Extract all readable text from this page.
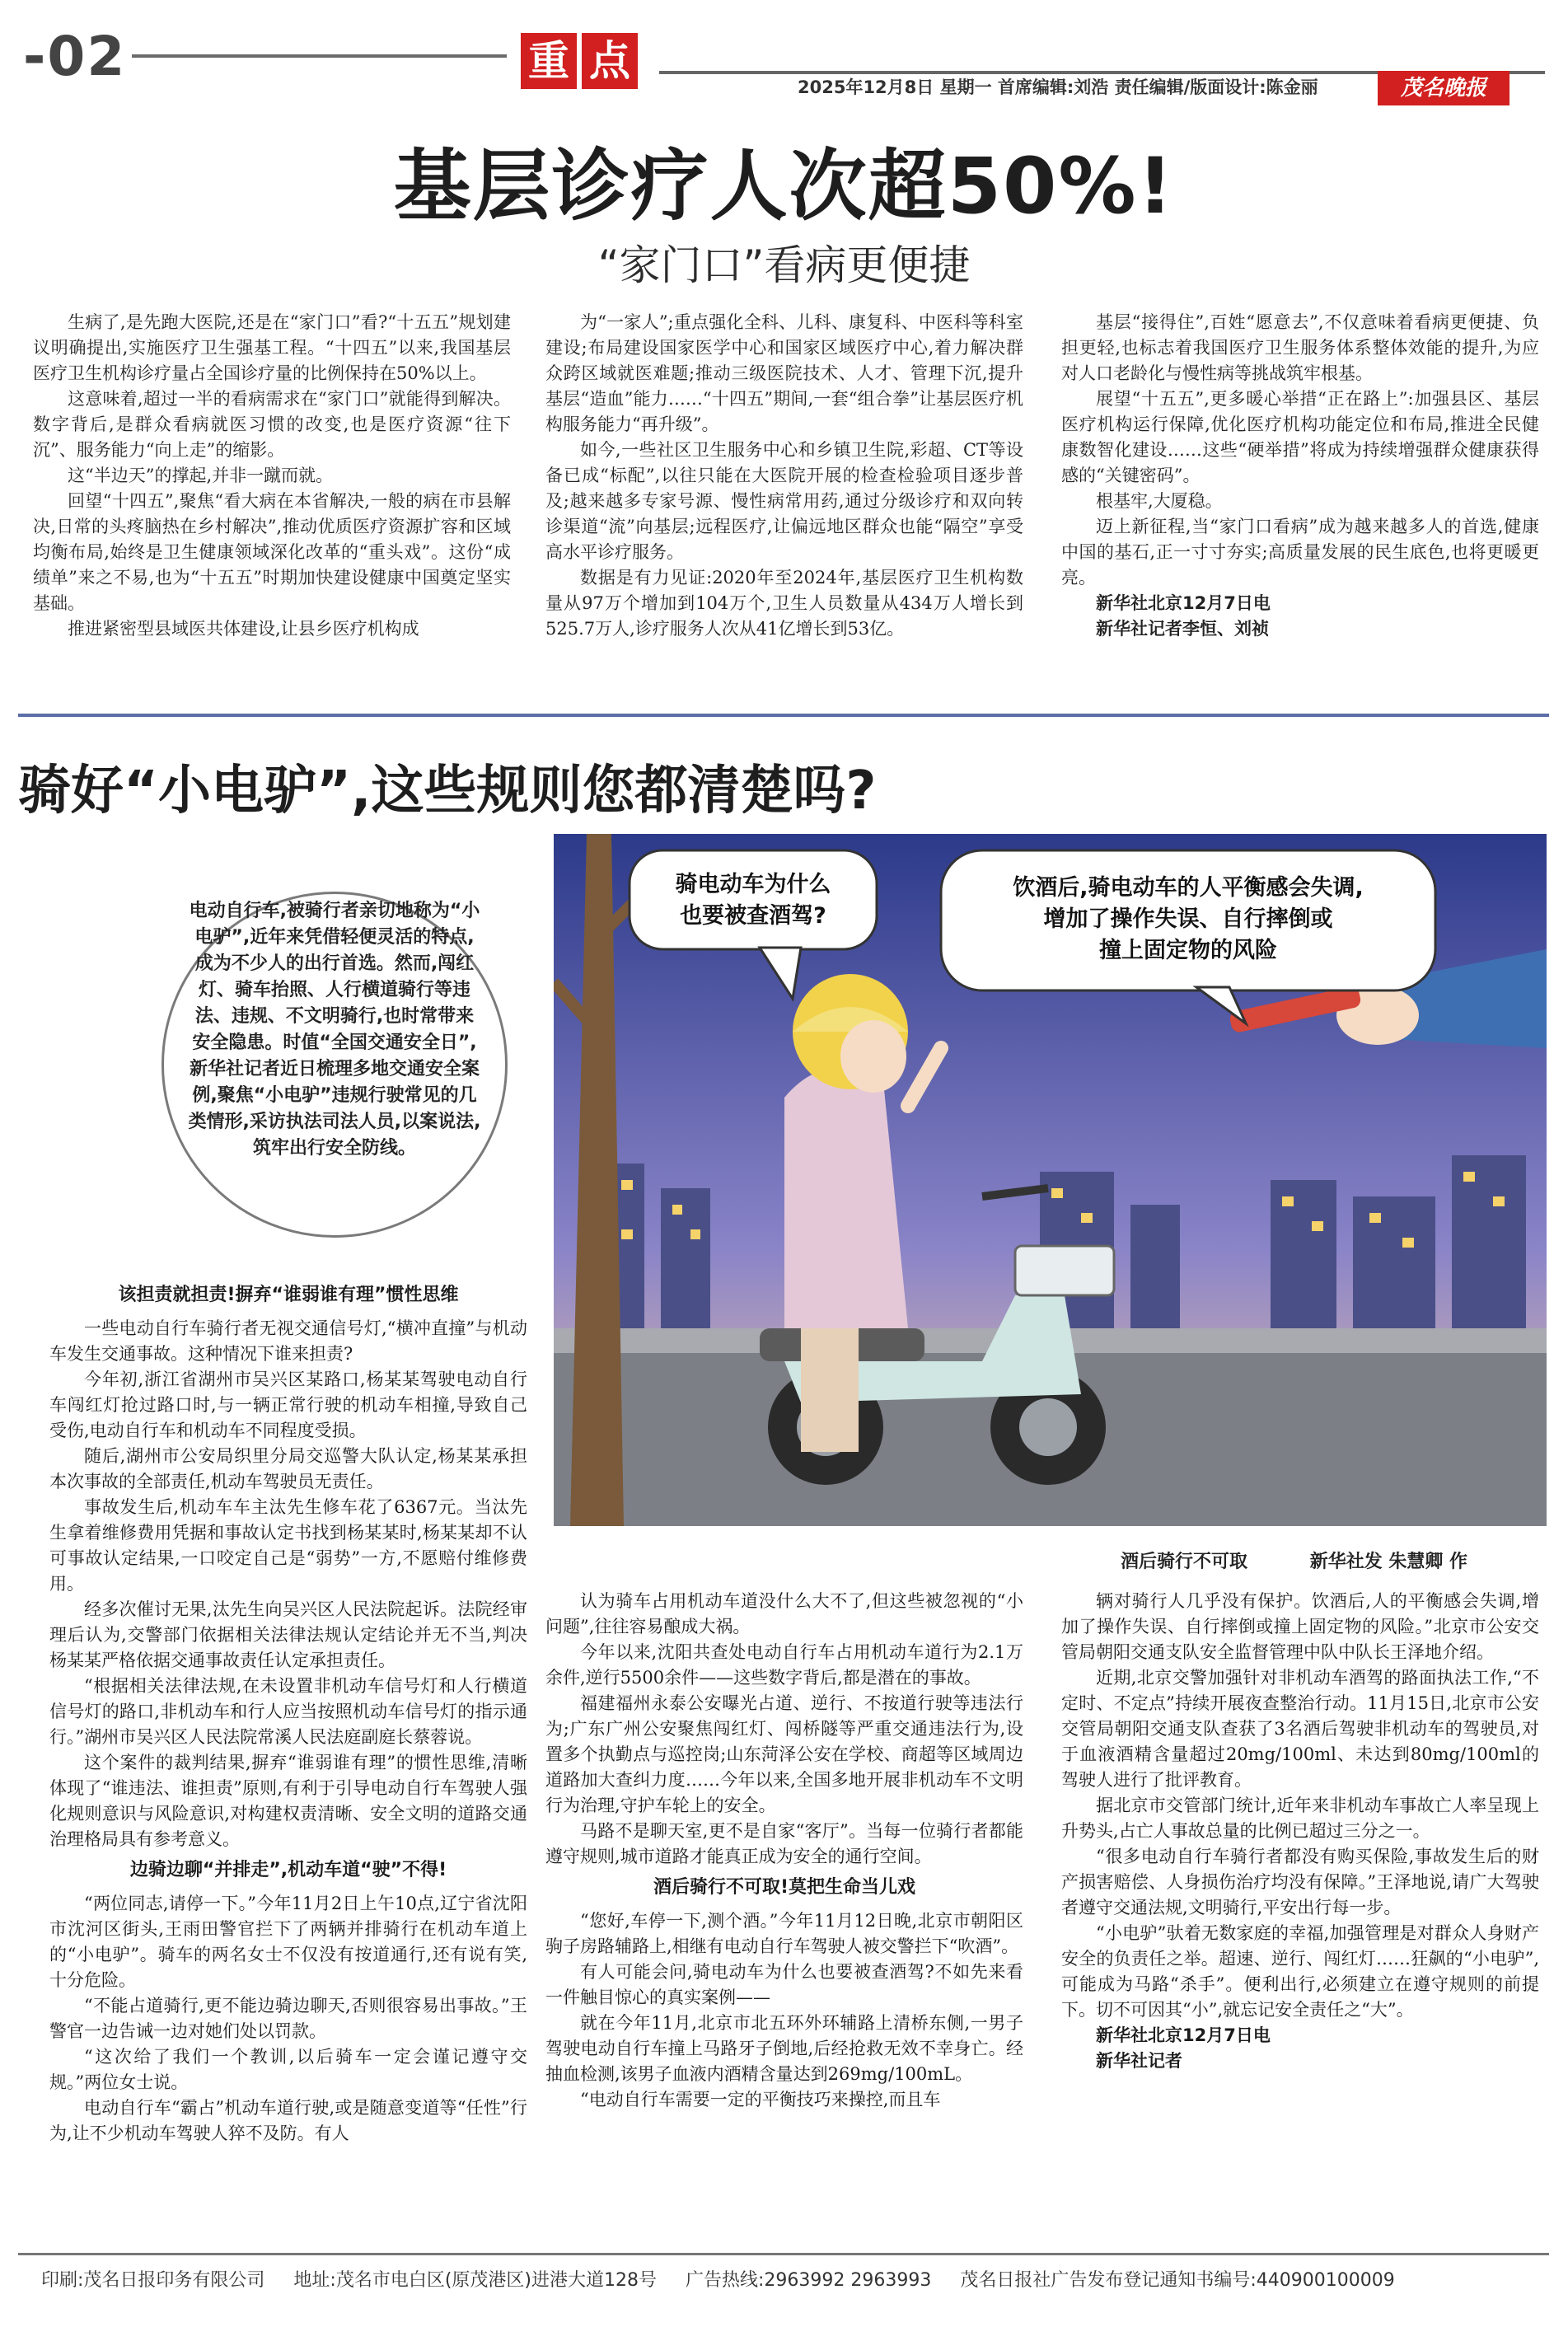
-02	重 点
2025年12月8日 星期一 首席编辑:刘浩 责任编辑/版面设计:陈金丽	茂名晚报
基层诊疗人次超50%!
“家门口”看病更便捷

生病了,是先跑大医院,还是在“家门口”看?“十五五”规划建议明确提出,实施医疗卫生强基工程。“十四五”以来,我国基层医疗卫生机构诊疗量占全国诊疗量的比例保持在50%以上。

这意味着,超过一半的看病需求在“家门口”就能得到解决。数字背后,是群众看病就医习惯的改变,也是医疗资源“往下沉”、服务能力“向上走”的缩影。

这“半边天”的撑起,并非一蹴而就。

回望“十四五”,聚焦“看大病在本省解决,一般的病在市县解决,日常的头疼脑热在乡村解决”,推动优质医疗资源扩容和区域均衡布局,始终是卫生健康领域深化改革的“重头戏”。这份“成绩单”来之不易,也为“十五五”时期加快建设健康中国奠定坚实基础。

推进紧密型县域医共体建设,让县乡医疗机构成

为“一家人”;重点强化全科、儿科、康复科、中医科等科室建设;布局建设国家医学中心和国家区域医疗中心,着力解决群众跨区域就医难题;推动三级医院技术、人才、管理下沉,提升基层“造血”能力……“十四五”期间,一套“组合拳”让基层医疗机构服务能力“再升级”。

如今,一些社区卫生服务中心和乡镇卫生院,彩超、CT等设备已成“标配”,以往只能在大医院开展的检查检验项目逐步普及;越来越多专家号源、慢性病常用药,通过分级诊疗和双向转诊渠道“流”向基层;远程医疗,让偏远地区群众也能“隔空”享受高水平诊疗服务。

数据是有力见证:2020年至2024年,基层医疗卫生机构数量从97万个增加到104万个,卫生人员数量从434万人增长到525.7万人,诊疗服务人次从41亿增长到53亿。

基层“接得住”,百姓“愿意去”,不仅意味着看病更便捷、负担更轻,也标志着我国医疗卫生服务体系整体效能的提升,为应对人口老龄化与慢性病等挑战筑牢根基。

展望“十五五”,更多暖心举措“正在路上”:加强县区、基层医疗机构运行保障,优化医疗机构功能定位和布局,推进全民健康数智化建设……这些“硬举措”将成为持续增强群众健康获得感的“关键密码”。

根基牢,大厦稳。

迈上新征程,当“家门口看病”成为越来越多人的首选,健康中国的基石,正一寸寸夯实;高质量发展的民生底色,也将更暖更亮。

新华社北京12月7日电

新华社记者李恒、刘祯

骑好“小电驴”,这些规则您都清楚吗?
电动自行车,被骑行者亲切地称为“小电驴”,近年来凭借轻便灵活的特点,成为不少人的出行首选。然而,闯红灯、骑车抬照、人行横道骑行等违法、违规、不文明骑行,也时常带来安全隐患。时值“全国交通安全日”,新华社记者近日梳理多地交通安全案例,聚焦“小电驴”违规行驶常见的几类情形,采访执法司法人员,以案说法,筑牢出行安全防线。
骑电动车为什么
也要被查酒驾?
饮酒后,骑电动车的人平衡感会失调,
增加了操作失误、自行摔倒或
撞上固定物的风险
酒后骑行不可取	新华社发 朱慧卿 作

该担责就担责!摒弃“谁弱谁有理”惯性思维

一些电动自行车骑行者无视交通信号灯,“横冲直撞”与机动车发生交通事故。这种情况下谁来担责?

今年初,浙江省湖州市吴兴区某路口,杨某某驾驶电动自行车闯红灯抢过路口时,与一辆正常行驶的机动车相撞,导致自己受伤,电动自行车和机动车不同程度受损。

随后,湖州市公安局织里分局交巡警大队认定,杨某某承担本次事故的全部责任,机动车驾驶员无责任。

事故发生后,机动车车主汰先生修车花了6367元。当汰先生拿着维修费用凭据和事故认定书找到杨某某时,杨某某却不认可事故认定结果,一口咬定自己是“弱势”一方,不愿赔付维修费用。

经多次催讨无果,汰先生向吴兴区人民法院起诉。法院经审理后认为,交警部门依据相关法律法规认定结论并无不当,判决杨某某严格依据交通事故责任认定承担责任。

“根据相关法律法规,在未设置非机动车信号灯和人行横道信号灯的路口,非机动车和行人应当按照机动车信号灯的指示通行。”湖州市吴兴区人民法院常溪人民法庭副庭长蔡蓉说。

这个案件的裁判结果,摒弃“谁弱谁有理”的惯性思维,清晰体现了“谁违法、谁担责”原则,有利于引导电动自行车驾驶人强化规则意识与风险意识,对构建权责清晰、安全文明的道路交通治理格局具有参考意义。

边骑边聊“并排走”,机动车道“驶”不得!

“两位同志,请停一下。”今年11月2日上午10点,辽宁省沈阳市沈河区街头,王雨田警官拦下了两辆并排骑行在机动车道上的“小电驴”。骑车的两名女士不仅没有按道通行,还有说有笑,十分危险。

“不能占道骑行,更不能边骑边聊天,否则很容易出事故。”王警官一边告诫一边对她们处以罚款。

“这次给了我们一个教训,以后骑车一定会谨记遵守交规。”两位女士说。

电动自行车“霸占”机动车道行驶,或是随意变道等“任性”行为,让不少机动车驾驶人猝不及防。有人

认为骑车占用机动车道没什么大不了,但这些被忽视的“小问题”,往往容易酿成大祸。

今年以来,沈阳共查处电动自行车占用机动车道行为2.1万余件,逆行5500余件——这些数字背后,都是潜在的事故。

福建福州永泰公安曝光占道、逆行、不按道行驶等违法行为;广东广州公安聚焦闯红灯、闯桥隧等严重交通违法行为,设置多个执勤点与巡控岗;山东菏泽公安在学校、商超等区域周边道路加大查纠力度……今年以来,全国多地开展非机动车不文明行为治理,守护车轮上的安全。

马路不是聊天室,更不是自家“客厅”。当每一位骑行者都能遵守规则,城市道路才能真正成为安全的通行空间。

酒后骑行不可取!莫把生命当儿戏

“您好,车停一下,测个酒。”今年11月12日晚,北京市朝阳区驹子房路辅路上,相继有电动自行车驾驶人被交警拦下“吹酒”。

有人可能会问,骑电动车为什么也要被查酒驾?不如先来看一件触目惊心的真实案例——

就在今年11月,北京市北五环外环辅路上清桥东侧,一男子驾驶电动自行车撞上马路牙子倒地,后经抢救无效不幸身亡。经抽血检测,该男子血液内酒精含量达到269mg/100mL。

“电动自行车需要一定的平衡技巧来操控,而且车

辆对骑行人几乎没有保护。饮酒后,人的平衡感会失调,增加了操作失误、自行摔倒或撞上固定物的风险。”北京市公安交管局朝阳交通支队安全监督管理中队中队长王泽地介绍。

近期,北京交警加强针对非机动车酒驾的路面执法工作,“不定时、不定点”持续开展夜查整治行动。11月15日,北京市公安交管局朝阳交通支队查获了3名酒后驾驶非机动车的驾驶员,对于血液酒精含量超过20mg/100ml、未达到80mg/100ml的驾驶人进行了批评教育。

据北京市交管部门统计,近年来非机动车事故亡人率呈现上升势头,占亡人事故总量的比例已超过三分之一。

“很多电动自行车骑行者都没有购买保险,事故发生后的财产损害赔偿、人身损伤治疗均没有保障。”王泽地说,请广大驾驶者遵守交通法规,文明骑行,平安出行每一步。

“小电驴”驮着无数家庭的幸福,加强管理是对群众人身财产安全的负责任之举。超速、逆行、闯红灯……狂飙的“小电驴”,可能成为马路“杀手”。便利出行,必须建立在遵守规则的前提下。切不可因其“小”,就忘记安全责任之“大”。

新华社北京12月7日电

新华社记者

印刷:茂名日报印务有限公司 地址:茂名市电白区(原茂港区)进港大道128号 广告热线:2963992 2963993 茂名日报社广告发布登记通知书编号:440900100009
